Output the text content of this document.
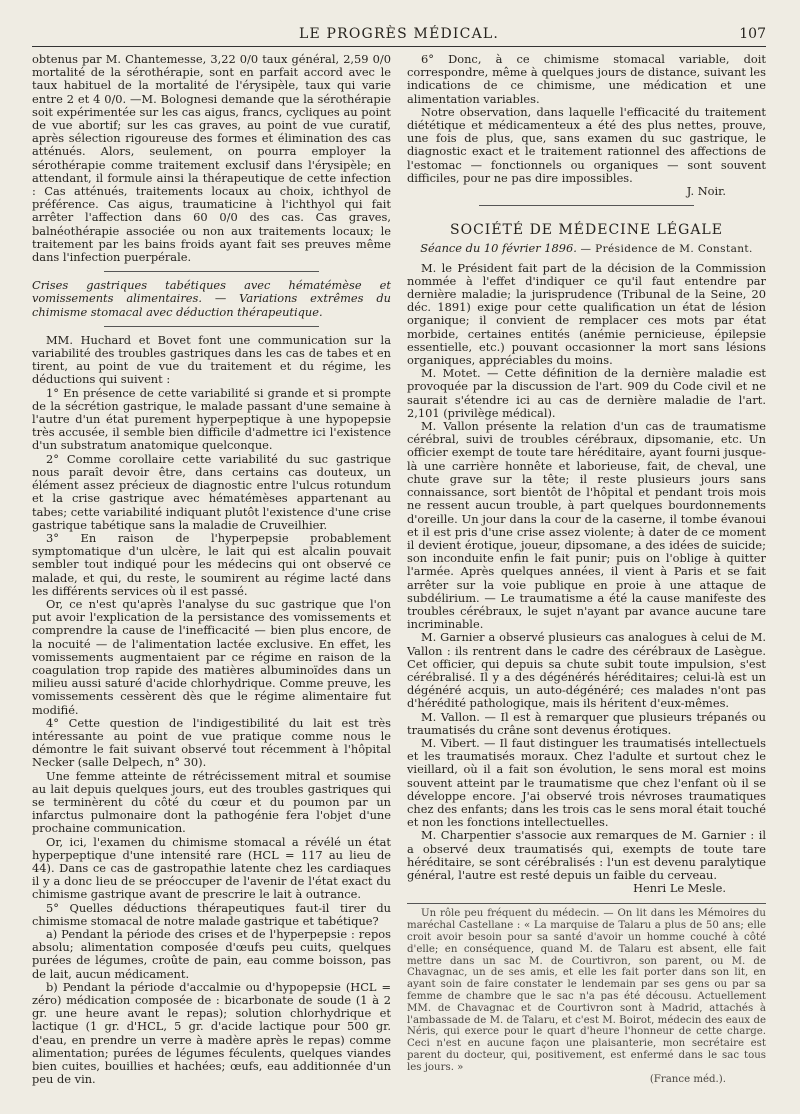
LE PROGRÈS MÉDICAL.	107

obtenus par M. Chantemesse, 3,22 0/0 taux général, 2,59 0/0 mortalité de la sérothérapie, sont en parfait accord avec le taux habituel de la mortalité de l'érysipèle, taux qui varie entre 2 et 4 0/0. —M. Bolognesi demande que la sérothérapie soit expérimentée sur les cas aigus, francs, cycliques au point de vue abortif; sur les cas graves, au point de vue curatif, après sélection rigoureuse des formes et élimination des cas atténués. Alors, seulement, on pourra employer la sérothérapie comme traitement exclusif dans l'érysipèle; en attendant, il formule ainsi la thérapeutique de cette infection : Cas atténués, traitements locaux au choix, ichthyol de préférence. Cas aigus, traumaticine à l'ichthyol qui fait arrêter l'affection dans 60 0/0 des cas. Cas graves, balnéothérapie associée ou non aux traitements locaux; le traitement par les bains froids ayant fait ses preuves même dans l'infection puerpérale.

Crises gastriques tabétiques avec hématémèse et vomissements alimentaires. — Variations extrêmes du chimisme stomacal avec déduction thérapeutique.

MM. Huchard et Bovet font une communication sur la variabilité des troubles gastriques dans les cas de tabes et en tirent, au point de vue du traitement et du régime, les déductions qui suivent :

1° En présence de cette variabilité si grande et si prompte de la sécrétion gastrique, le malade passant d'une semaine à l'autre d'un état purement hyperpeptique à une hypopepsie très accusée, il semble bien difficile d'admettre ici l'existence d'un substratum anatomique quelconque.

2° Comme corollaire cette variabilité du suc gastrique nous paraît devoir être, dans certains cas douteux, un élément assez précieux de diagnostic entre l'ulcus rotundum et la crise gastrique avec hématémèses appartenant au tabes; cette variabilité indiquant plutôt l'existence d'une crise gastrique tabétique sans la maladie de Cruveilhier.

3° En raison de l'hyperpepsie probablement symptomatique d'un ulcère, le lait qui est alcalin pouvait sembler tout indiqué pour les médecins qui ont observé ce malade, et qui, du reste, le soumirent au régime lacté dans les différents services où il est passé.

Or, ce n'est qu'après l'analyse du suc gastrique que l'on put avoir l'explication de la persistance des vomissements et comprendre la cause de l'inefficacité — bien plus encore, de la nocuité — de l'alimentation lactée exclusive. En effet, les vomissements augmentaient par ce régime en raison de la coagulation trop rapide des matières albuminoïdes dans un milieu aussi saturé d'acide chlorhydrique. Comme preuve, les vomissements cessèrent dès que le régime alimentaire fut modifié.

4° Cette question de l'indigestibilité du lait est très intéressante au point de vue pratique comme nous le démontre le fait suivant observé tout récemment à l'hôpital Necker (salle Delpech, n° 30).

Une femme atteinte de rétrécissement mitral et soumise au lait depuis quelques jours, eut des troubles gastriques qui se terminèrent du côté du cœur et du poumon par un infarctus pulmonaire dont la pathogénie fera l'objet d'une prochaine communication.

Or, ici, l'examen du chimisme stomacal a révélé un état hyperpeptique d'une intensité rare (HCL = 117 au lieu de 44). Dans ce cas de gastropathie latente chez les cardiaques il y a donc lieu de se préoccuper de l'avenir de l'état exact du chimisme gastrique avant de prescrire le lait à outrance.

5° Quelles déductions thérapeutiques faut-il tirer du chimisme stomacal de notre malade gastrique et tabétique?

a) Pendant la période des crises et de l'hyperpepsie : repos absolu; alimentation composée d'œufs peu cuits, quelques purées de légumes, croûte de pain, eau comme boisson, pas de lait, aucun médicament.

b) Pendant la période d'accalmie ou d'hypopepsie (HCL = zéro) médication composée de : bicarbonate de soude (1 à 2 gr. une heure avant le repas); solution chlorhydrique et lactique (1 gr. d'HCL, 5 gr. d'acide lactique pour 500 gr. d'eau, en prendre un verre à madère après le repas) comme alimentation; purées de légumes féculents, quelques viandes bien cuites, bouillies et hachées; œufs, eau additionnée d'un peu de vin.

6° Donc, à ce chimisme stomacal variable, doit correspondre, même à quelques jours de distance, suivant les indications de ce chimisme, une médication et une alimentation variables.

Notre observation, dans laquelle l'efficacité du traitement diététique et médicamenteux a été des plus nettes, prouve, une fois de plus, que, sans examen du suc gastrique, le diagnostic exact et le traitement rationnel des affections de l'estomac — fonctionnels ou organiques — sont souvent difficiles, pour ne pas dire impossibles.

J. Noir.

SOCIÉTÉ DE MÉDECINE LÉGALE
Séance du 10 février 1896. — Présidence de M. Constant.

M. le Président fait part de la décision de la Commission nommée à l'effet d'indiquer ce qu'il faut entendre par dernière maladie; la jurisprudence (Tribunal de la Seine, 20 déc. 1891) exige pour cette qualification un état de lésion organique; il convient de remplacer ces mots par état morbide, certaines entités (anémie pernicieuse, épilepsie essentielle, etc.) pouvant occasionner la mort sans lésions organiques, appréciables du moins.

M. Motet. — Cette définition de la dernière maladie est provoquée par la discussion de l'art. 909 du Code civil et ne saurait s'étendre ici au cas de dernière maladie de l'art. 2,101 (privilège médical).

M. Vallon présente la relation d'un cas de traumatisme cérébral, suivi de troubles cérébraux, dipsomanie, etc. Un officier exempt de toute tare héréditaire, ayant fourni jusque-là une carrière honnête et laborieuse, fait, de cheval, une chute grave sur la tête; il reste plusieurs jours sans connaissance, sort bientôt de l'hôpital et pendant trois mois ne ressent aucun trouble, à part quelques bourdonnements d'oreille. Un jour dans la cour de la caserne, il tombe évanoui et il est pris d'une crise assez violente; à dater de ce moment il devient érotique, joueur, dipsomane, a des idées de suicide; son inconduite enfin le fait punir; puis on l'oblige à quitter l'armée. Après quelques années, il vient à Paris et se fait arrêter sur la voie publique en proie à une attaque de subdélirium. — Le traumatisme a été la cause manifeste des troubles cérébraux, le sujet n'ayant par avance aucune tare incriminable.

M. Garnier a observé plusieurs cas analogues à celui de M. Vallon : ils rentrent dans le cadre des cérébraux de Lasègue. Cet officier, qui depuis sa chute subit toute impulsion, s'est cérébralisé. Il y a des dégénérés héréditaires; celui-là est un dégénéré acquis, un auto-dégénéré; ces malades n'ont pas d'hérédité pathologique, mais ils héritent d'eux-mêmes.

M. Vallon. — Il est à remarquer que plusieurs trépanés ou traumatisés du crâne sont devenus érotiques.

M. Vibert. — Il faut distinguer les traumatisés intellectuels et les traumatisés moraux. Chez l'adulte et surtout chez le vieillard, où il a fait son évolution, le sens moral est moins souvent atteint par le traumatisme que chez l'enfant où il se développe encore. J'ai observé trois névroses traumatiques chez des enfants; dans les trois cas le sens moral était touché et non les fonctions intellectuelles.

M. Charpentier s'associe aux remarques de M. Garnier : il a observé deux traumatisés qui, exempts de toute tare héréditaire, se sont cérébralisés : l'un est devenu paralytique général, l'autre est resté depuis un faible du cerveau.

Henri Le Mesle.

Un rôle peu fréquent du médecin. — On lit dans les Mémoires du maréchal Castellane : « La marquise de Talaru a plus de 50 ans; elle croit avoir besoin pour sa santé d'avoir un homme couché à côté d'elle; en conséquence, quand M. de Talaru est absent, elle fait mettre dans un sac M. de Courtivron, son parent, ou M. de Chavagnac, un de ses amis, et elle les fait porter dans son lit, en ayant soin de faire constater le lendemain par ses gens ou par sa femme de chambre que le sac n'a pas été décousu. Actuellement MM. de Chavagnac et de Courtivron sont à Madrid, attachés à l'ambassade de M. de Talaru, et c'est M. Boirot, médecin des eaux de Néris, qui exerce pour le quart d'heure l'honneur de cette charge. Ceci n'est en aucune façon une plaisanterie, mon secrétaire est parent du docteur, qui, positivement, est enfermé dans le sac tous les jours. »

(France méd.).
